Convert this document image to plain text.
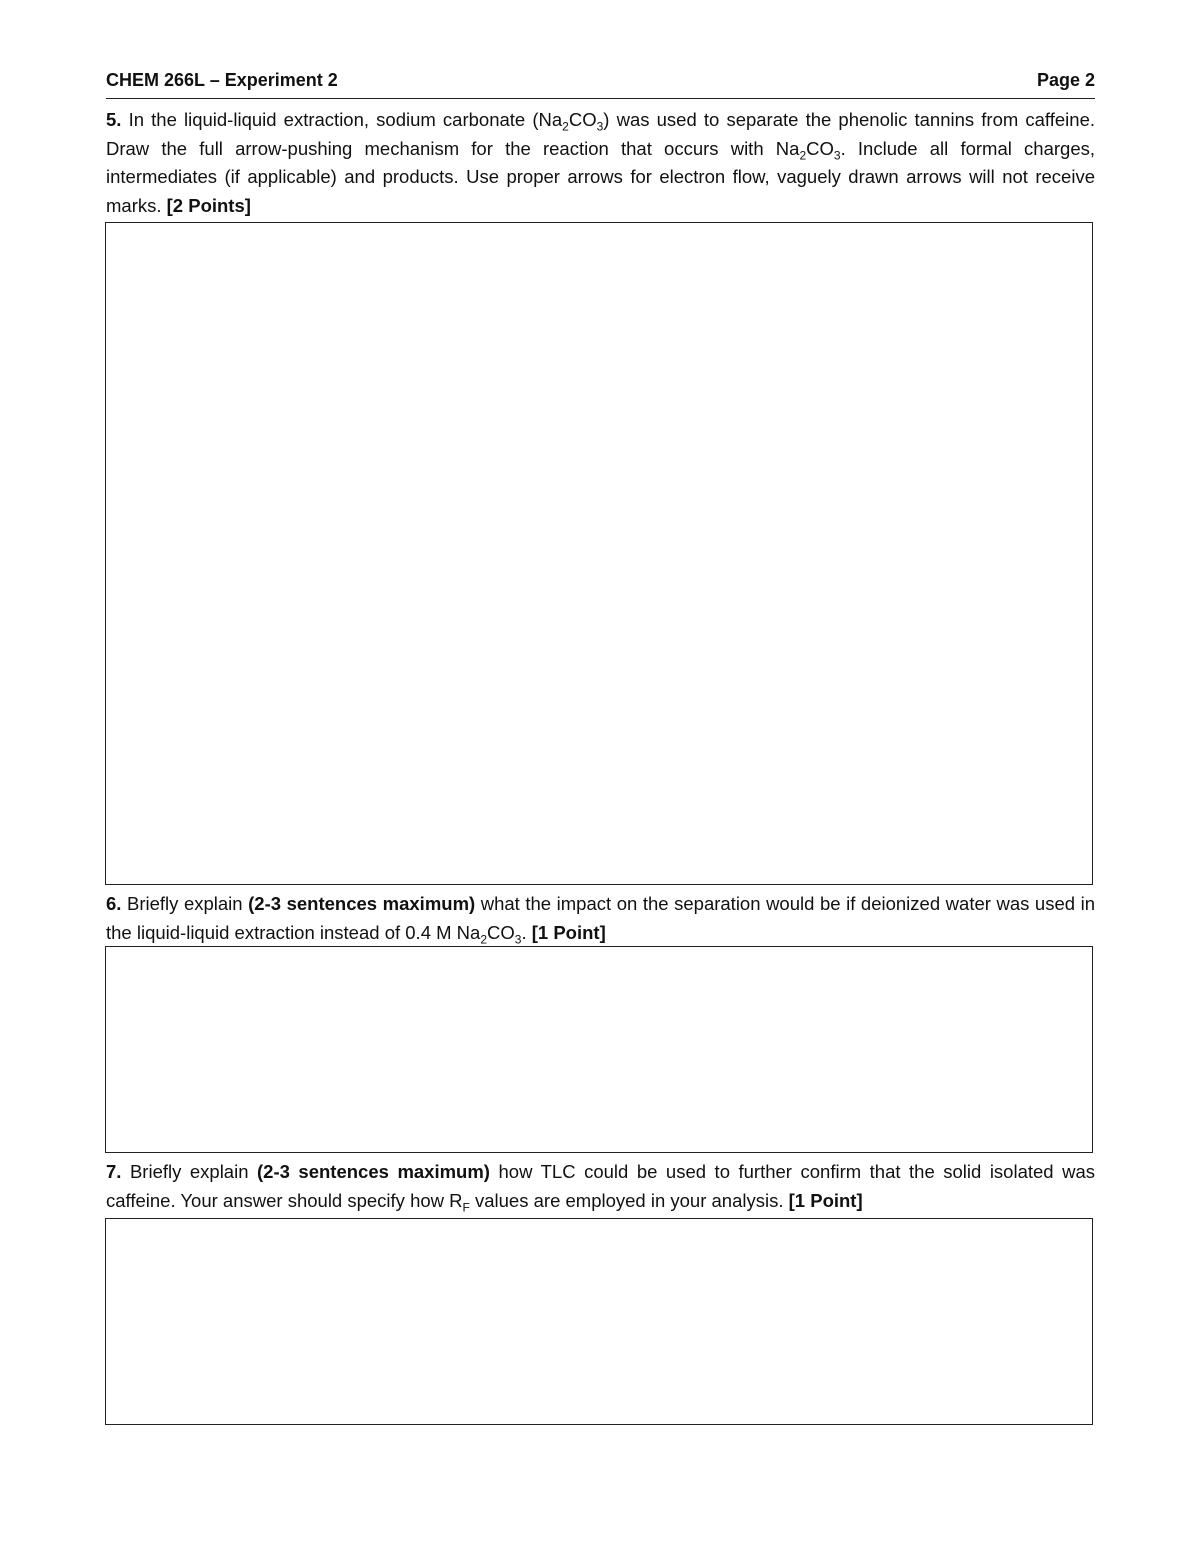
CHEM 266L – Experiment 2	Page 2
5. In the liquid-liquid extraction, sodium carbonate $(Na_2CO_3)$ was used to separate the phenolic tannins from caffeine. Draw the full arrow-pushing mechanism for the reaction that occurs with $Na_2CO_3$. Include all formal charges, intermediates (if applicable) and products. Use proper arrows for electron flow, vaguely drawn arrows will not receive marks. [2 Points]
6. Briefly explain (2-3 sentences maximum) what the impact on the separation would be if deionized water was used in the liquid-liquid extraction instead of 0.4 M $Na_2CO_3$. [1 Point]
7. Briefly explain (2-3 sentences maximum) how TLC could be used to further confirm that the solid isolated was caffeine. Your answer should specify how $R_F$ values are employed in your analysis. [1 Point]
